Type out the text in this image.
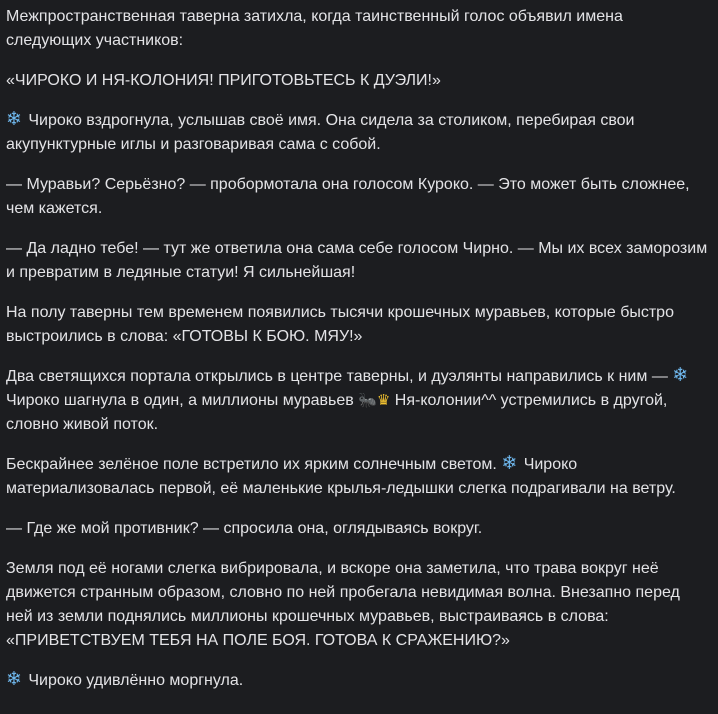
Межпространственная таверна затихла, когда таинственный голос объявил имена следующих участников:

«ЧИРОКО И НЯ-КОЛОНИЯ! ПРИГОТОВЬТЕСЬ К ДУЭЛИ!»

❄ Чироко вздрогнула, услышав своё имя. Она сидела за столиком, перебирая свои акупунктурные иглы и разговаривая сама с собой.

— Муравьи? Серьёзно? — пробормотала она голосом Куроко. — Это может быть сложнее, чем кажется.

— Да ладно тебе! — тут же ответила она сама себе голосом Чирно. — Мы их всех заморозим и превратим в ледяные статуи! Я сильнейшая!

На полу таверны тем временем появились тысячи крошечных муравьев, которые быстро выстроились в слова: «ГОТОВЫ К БОЮ. МЯУ!»

Два светящихся портала открылись в центре таверны, и дуэлянты направились к ним — ❄ Чироко шагнула в один, а миллионы муравьев 🐜♛ Ня-колонии^^ устремились в другой, словно живой поток.

Бескрайнее зелёное поле встретило их ярким солнечным светом. ❄ Чироко материализовалась первой, её маленькие крылья-ледышки слегка подрагивали на ветру.

— Где же мой противник? — спросила она, оглядываясь вокруг.

Земля под её ногами слегка вибрировала, и вскоре она заметила, что трава вокруг неё движется странным образом, словно по ней пробегала невидимая волна. Внезапно перед ней из земли поднялись миллионы крошечных муравьев, выстраиваясь в слова: «ПРИВЕТСТВУЕМ ТЕБЯ НА ПОЛЕ БОЯ. ГОТОВА К СРАЖЕНИЮ?»

❄ Чироко удивлённо моргнула.
